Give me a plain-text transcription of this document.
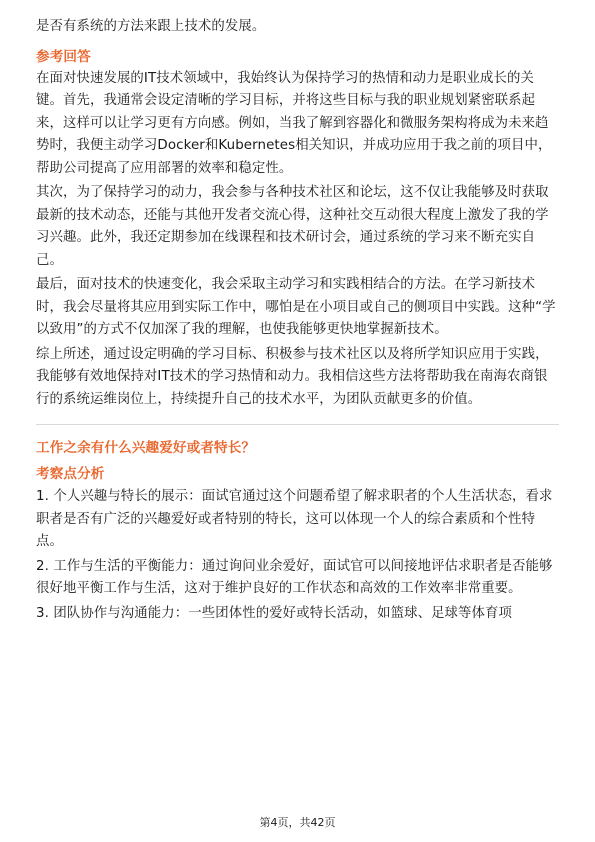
是否有系统的方法来跟上技术的发展。

参考回答

在面对快速发展的IT技术领域中，我始终认为保持学习的热情和动力是职业成长的关键。首先，我通常会设定清晰的学习目标，并将这些目标与我的职业规划紧密联系起来，这样可以让学习更有方向感。例如，当我了解到容器化和微服务架构将成为未来趋势时，我便主动学习Docker和Kubernetes相关知识，并成功应用于我之前的项目中，帮助公司提高了应用部署的效率和稳定性。

其次，为了保持学习的动力，我会参与各种技术社区和论坛，这不仅让我能够及时获取最新的技术动态，还能与其他开发者交流心得，这种社交互动很大程度上激发了我的学习兴趣。此外，我还定期参加在线课程和技术研讨会，通过系统的学习来不断充实自己。

最后，面对技术的快速变化，我会采取主动学习和实践相结合的方法。在学习新技术时，我会尽量将其应用到实际工作中，哪怕是在小项目或自己的侧项目中实践。这种“学以致用”的方式不仅加深了我的理解，也使我能够更快地掌握新技术。

综上所述，通过设定明确的学习目标、积极参与技术社区以及将所学知识应用于实践，我能够有效地保持对IT技术的学习热情和动力。我相信这些方法将帮助我在南海农商银行的系统运维岗位上，持续提升自己的技术水平，为团队贡献更多的价值。

工作之余有什么兴趣爱好或者特长？

考察点分析

1. 个人兴趣与特长的展示：面试官通过这个问题希望了解求职者的个人生活状态，看求职者是否有广泛的兴趣爱好或者特别的特长，这可以体现一个人的综合素质和个性特点。

2. 工作与生活的平衡能力：通过询问业余爱好，面试官可以间接地评估求职者是否能够很好地平衡工作与生活，这对于维护良好的工作状态和高效的工作效率非常重要。

3. 团队协作与沟通能力：一些团体性的爱好或特长活动，如篮球、足球等体育项

第4页，共42页
